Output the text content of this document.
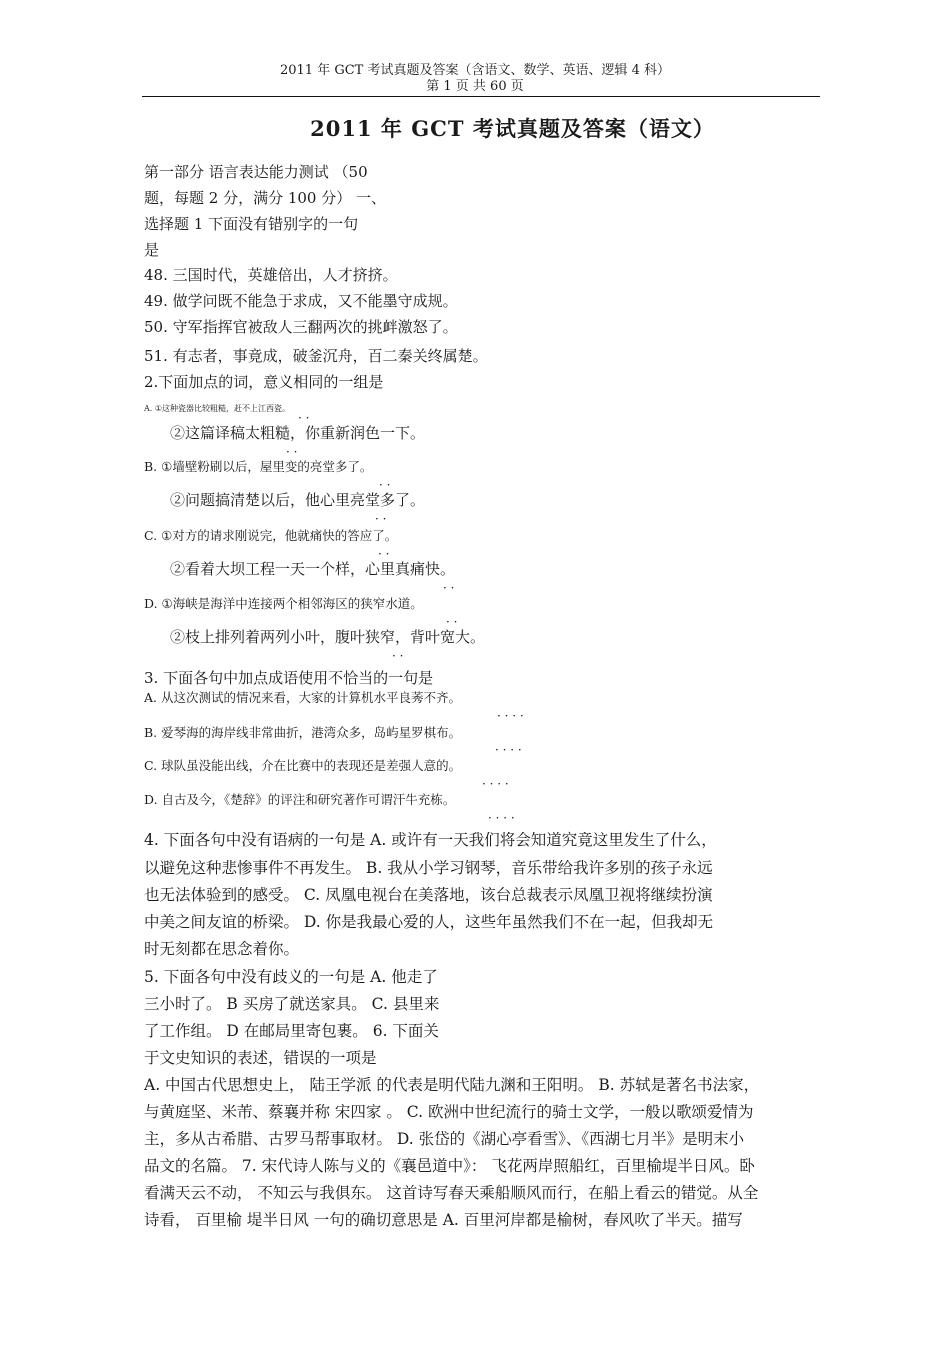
2011 年 GCT 考试真题及答案（含语文、数学、英语、逻辑 4 科）
第 1 页 共 60 页
2011 年 GCT 考试真题及答案（语文）
第一部分 语言表达能力测试 （50
题，每题 2 分，满分 100 分） 一、
选择题 1 下面没有错别字的一句
是
48. 三国时代，英雄倍出，人才挤挤。
49. 做学问既不能急于求成，又不能墨守成规。
50. 守军指挥官被敌人三翻两次的挑衅激怒了。
51. 有志者，事竟成，破釜沉舟，百二秦关终属楚。
2.下面加点的词，意义相同的一组是
A. ①这种瓷器比较粗糙，赶不上江西瓷。
· ·
②这篇译稿太粗糙，你重新润色一下。
· ·
B. ①墙壁粉刷以后，屋里变的亮堂多了。
· ·
②问题搞清楚以后，他心里亮堂多了。
· ·
C. ①对方的请求刚说完，他就痛快的答应了。
· ·
②看着大坝工程一天一个样，心里真痛快。
· ·
D. ①海峡是海洋中连接两个相邻海区的狭窄水道。
· ·
②枝上排列着两列小叶，腹叶狭窄，背叶宽大。
· ·
3. 下面各句中加点成语使用不恰当的一句是
A. 从这次测试的情况来看，大家的计算机水平良莠不齐。
· · · ·
B. 爱琴海的海岸线非常曲折，港湾众多，岛屿星罗棋布。
· · · ·
C. 球队虽没能出线，介在比赛中的表现还是差强人意的。
· · · ·
D. 自古及今，《楚辞》的评注和研究著作可谓汗牛充栋。
· · · ·
4. 下面各句中没有语病的一句是 A. 或许有一天我们将会知道究竟这里发生了什么，
以避免这种悲惨事件不再发生。 B. 我从小学习钢琴，音乐带给我许多别的孩子永远
也无法体验到的感受。 C. 凤凰电视台在美落地，该台总裁表示凤凰卫视将继续扮演
中美之间友谊的桥梁。 D. 你是我最心爱的人，这些年虽然我们不在一起，但我却无
时无刻都在思念着你。
5. 下面各句中没有歧义的一句是 A. 他走了
三小时了。 B 买房了就送家具。 C. 县里来
了工作组。 D 在邮局里寄包裹。 6. 下面关
于文史知识的表述，错误的一项是
A. 中国古代思想史上， 陆王学派 的代表是明代陆九渊和王阳明。 B. 苏轼是著名书法家，
与黄庭坚、米芾、蔡襄并称 宋四家 。 C. 欧洲中世纪流行的骑士文学，一般以歌颂爱情为
主，多从古希腊、古罗马帮事取材。 D. 张岱的《湖心亭看雪》、《西湖七月半》是明末小
品文的名篇。 7. 宋代诗人陈与义的《襄邑道中》： 飞花两岸照船红，百里榆堤半日风。卧
看满天云不动， 不知云与我俱东。 这首诗写春天乘船顺风而行，在船上看云的错觉。从全
诗看， 百里榆 堤半日风 一句的确切意思是 A. 百里河岸都是榆树，春风吹了半天。描写
